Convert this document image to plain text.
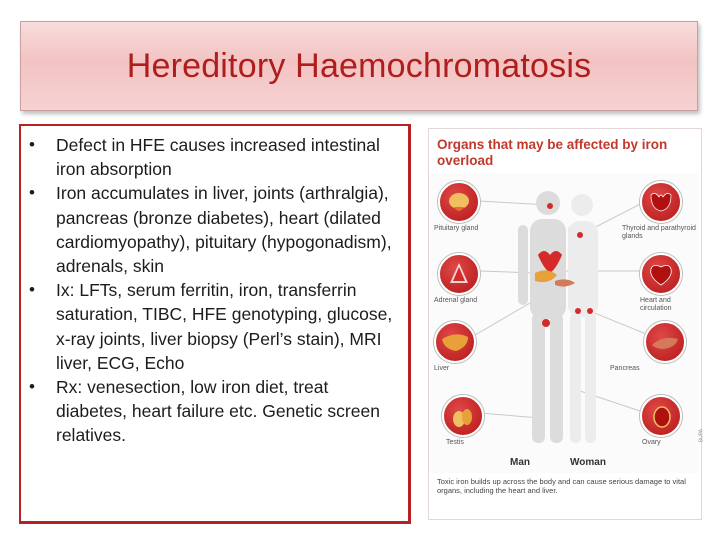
Hereditory Haemochromatosis
• Defect in HFE causes increased intestinal iron absorption
• Iron accumulates in liver, joints (arthralgia), pancreas (bronze diabetes), heart (dilated cardiomyopathy), pituitary (hypogonadism), adrenals, skin
• Ix: LFTs, serum ferritin, iron, transferrin saturation, TIBC, HFE genotyping, glucose, x-ray joints, liver biopsy (Perl’s stain), MRI liver, ECG, Echo
• Rx: venesection, low iron diet, treat diabetes, heart failure etc. Genetic screen relatives.
Organs that may be affected by iron overload
Pituitary gland
Adrenal gland
Liver
Testis
Thyroid and parathyroid glands
Heart and circulation
Pancreas
Ovary
Man	Woman
Toxic iron builds up across the body and can cause serious damage to vital organs, including the heart and liver.
BUPA
